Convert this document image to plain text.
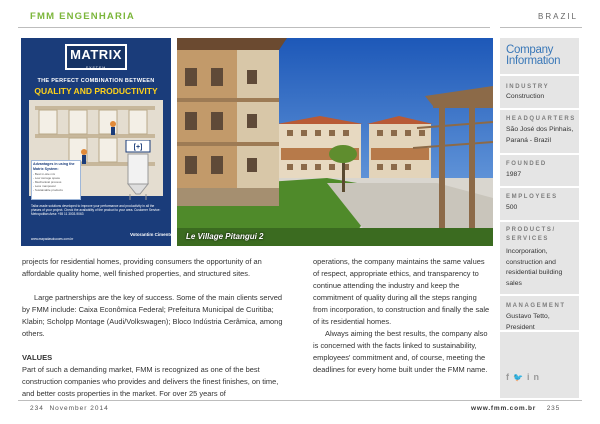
FMM ENGENHARIA	BRAZIL
MATRIX
SYSTEM
THE PERFECT COMBINATION BETWEEN
QUALITY AND PRODUCTIVITY
Advantages in using the Matrix System:
- Best in-site mix
- Low storage space
- Mechanical process
- Less manpower
- Sustainable products
[+]
Tailor-made solutions developed to improve your performance and productivity in all the phases of your project. Check the availability of the product to your area. Customer Service: Metropolitan Area: +55 11 3003-9063
www.mapadasolucoes.com.br
Votorantim Cimentos Le Village Pitangui 2
Company
Information
INDUSTRY
Construction
HEADQUARTERS
São José dos Pinhais, Paraná - Brazil
FOUNDED
1987
EMPLOYEES
500
PRODUCTS/ SERVICES
Incorporation, construction and residential building sales
MANAGEMENT
Gustavo Tetto, President
f🐦in

projects for residential homes, providing consumers the opportunity of an affordable quality home, well finished properties, and structured sites.

Large partnerships are the key of success. Some of the main clients served by FMM include: Caixa Econômica Federal; Prefeitura Municipal de Curitiba; Klabin; Scholpp Montage (Audi/Volkswagen); Bloco Indústria Cerâmica, among others.

VALUES

Part of such a demanding market, FMM is recognized as one of the best construction companies who provides and delivers the finest finishes, on time, and better costs properties in the market. For over 25 years of

operations, the company maintains the same values of respect, appropriate ethics, and transparency to continue attending the industry and keep the commitment of quality during all the steps ranging from incorporation, to construction and finally the sale of its residential homes.

Always aiming the best results, the company also is concerned with the facts linked to sustainability, employees' commitment and, of course, meeting the deadlines for every home built under the FMM name.

234  November 2014	www.fmm.com.br 235
